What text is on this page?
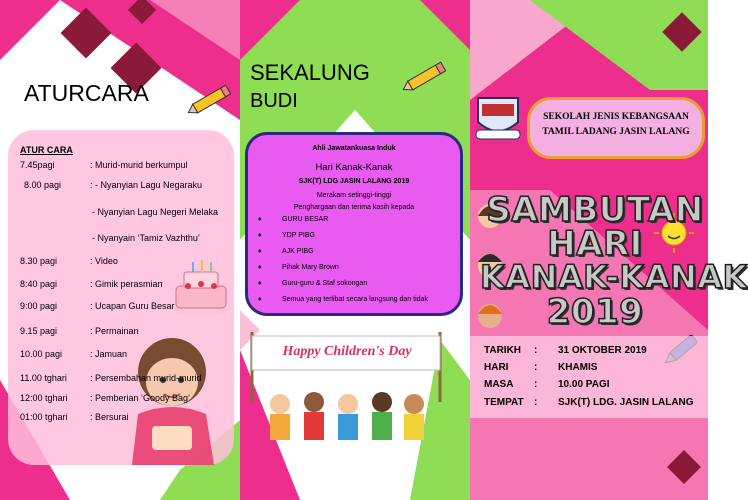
ATURCARA
ATUR CARA
7.45pagi	: Murid-murid berkumpul
8.00 pagi	: - Nyanyian Lagu Negaraku
- Nyanyian Lagu Negeri Melaka
- Nyanyain ‘Tamiz Vazhthu’
8.30 pagi	: Video
8:40 pagi	: Gimik perasmian
9:00 pagi	: Ucapan Guru Besar
9.15 pagi	: Permainan
10.00 pagi	: Jamuan
11.00 tghari	: Persembahan murid-murid
12:00 tghari : Pemberian ‘Goody Bag’
01:00 tghari : Bersurai
SEKALUNG
BUDI
Ahli Jawatankuasa Induk
Hari Kanak-Kanak
SJK(T) LDG JASIN LALANG 2019
Merakam setinggi-tinggi
Penghargaan dan terima kasih kepada
♦	GURU BESAR
♦	YDP PIBG
♦	AJK PIBG
♦	Pihak Mary Brown
♦	Guru-guru & Staf sokongan
♦	Semua yang terlibat secara langsung dan tidak
Happy Children's Day
SEKOLAH JENIS KEBANGSAAN
TAMIL LADANG JASIN LALANG
SAMBUTAN
HARI
KANAK-KANAK
2019
TARIKH : 31 OKTOBER 2019
HARI	: KHAMIS
MASA : 10.00 PAGI
TEMPAT : SJK(T) LDG. JASIN LALANG
